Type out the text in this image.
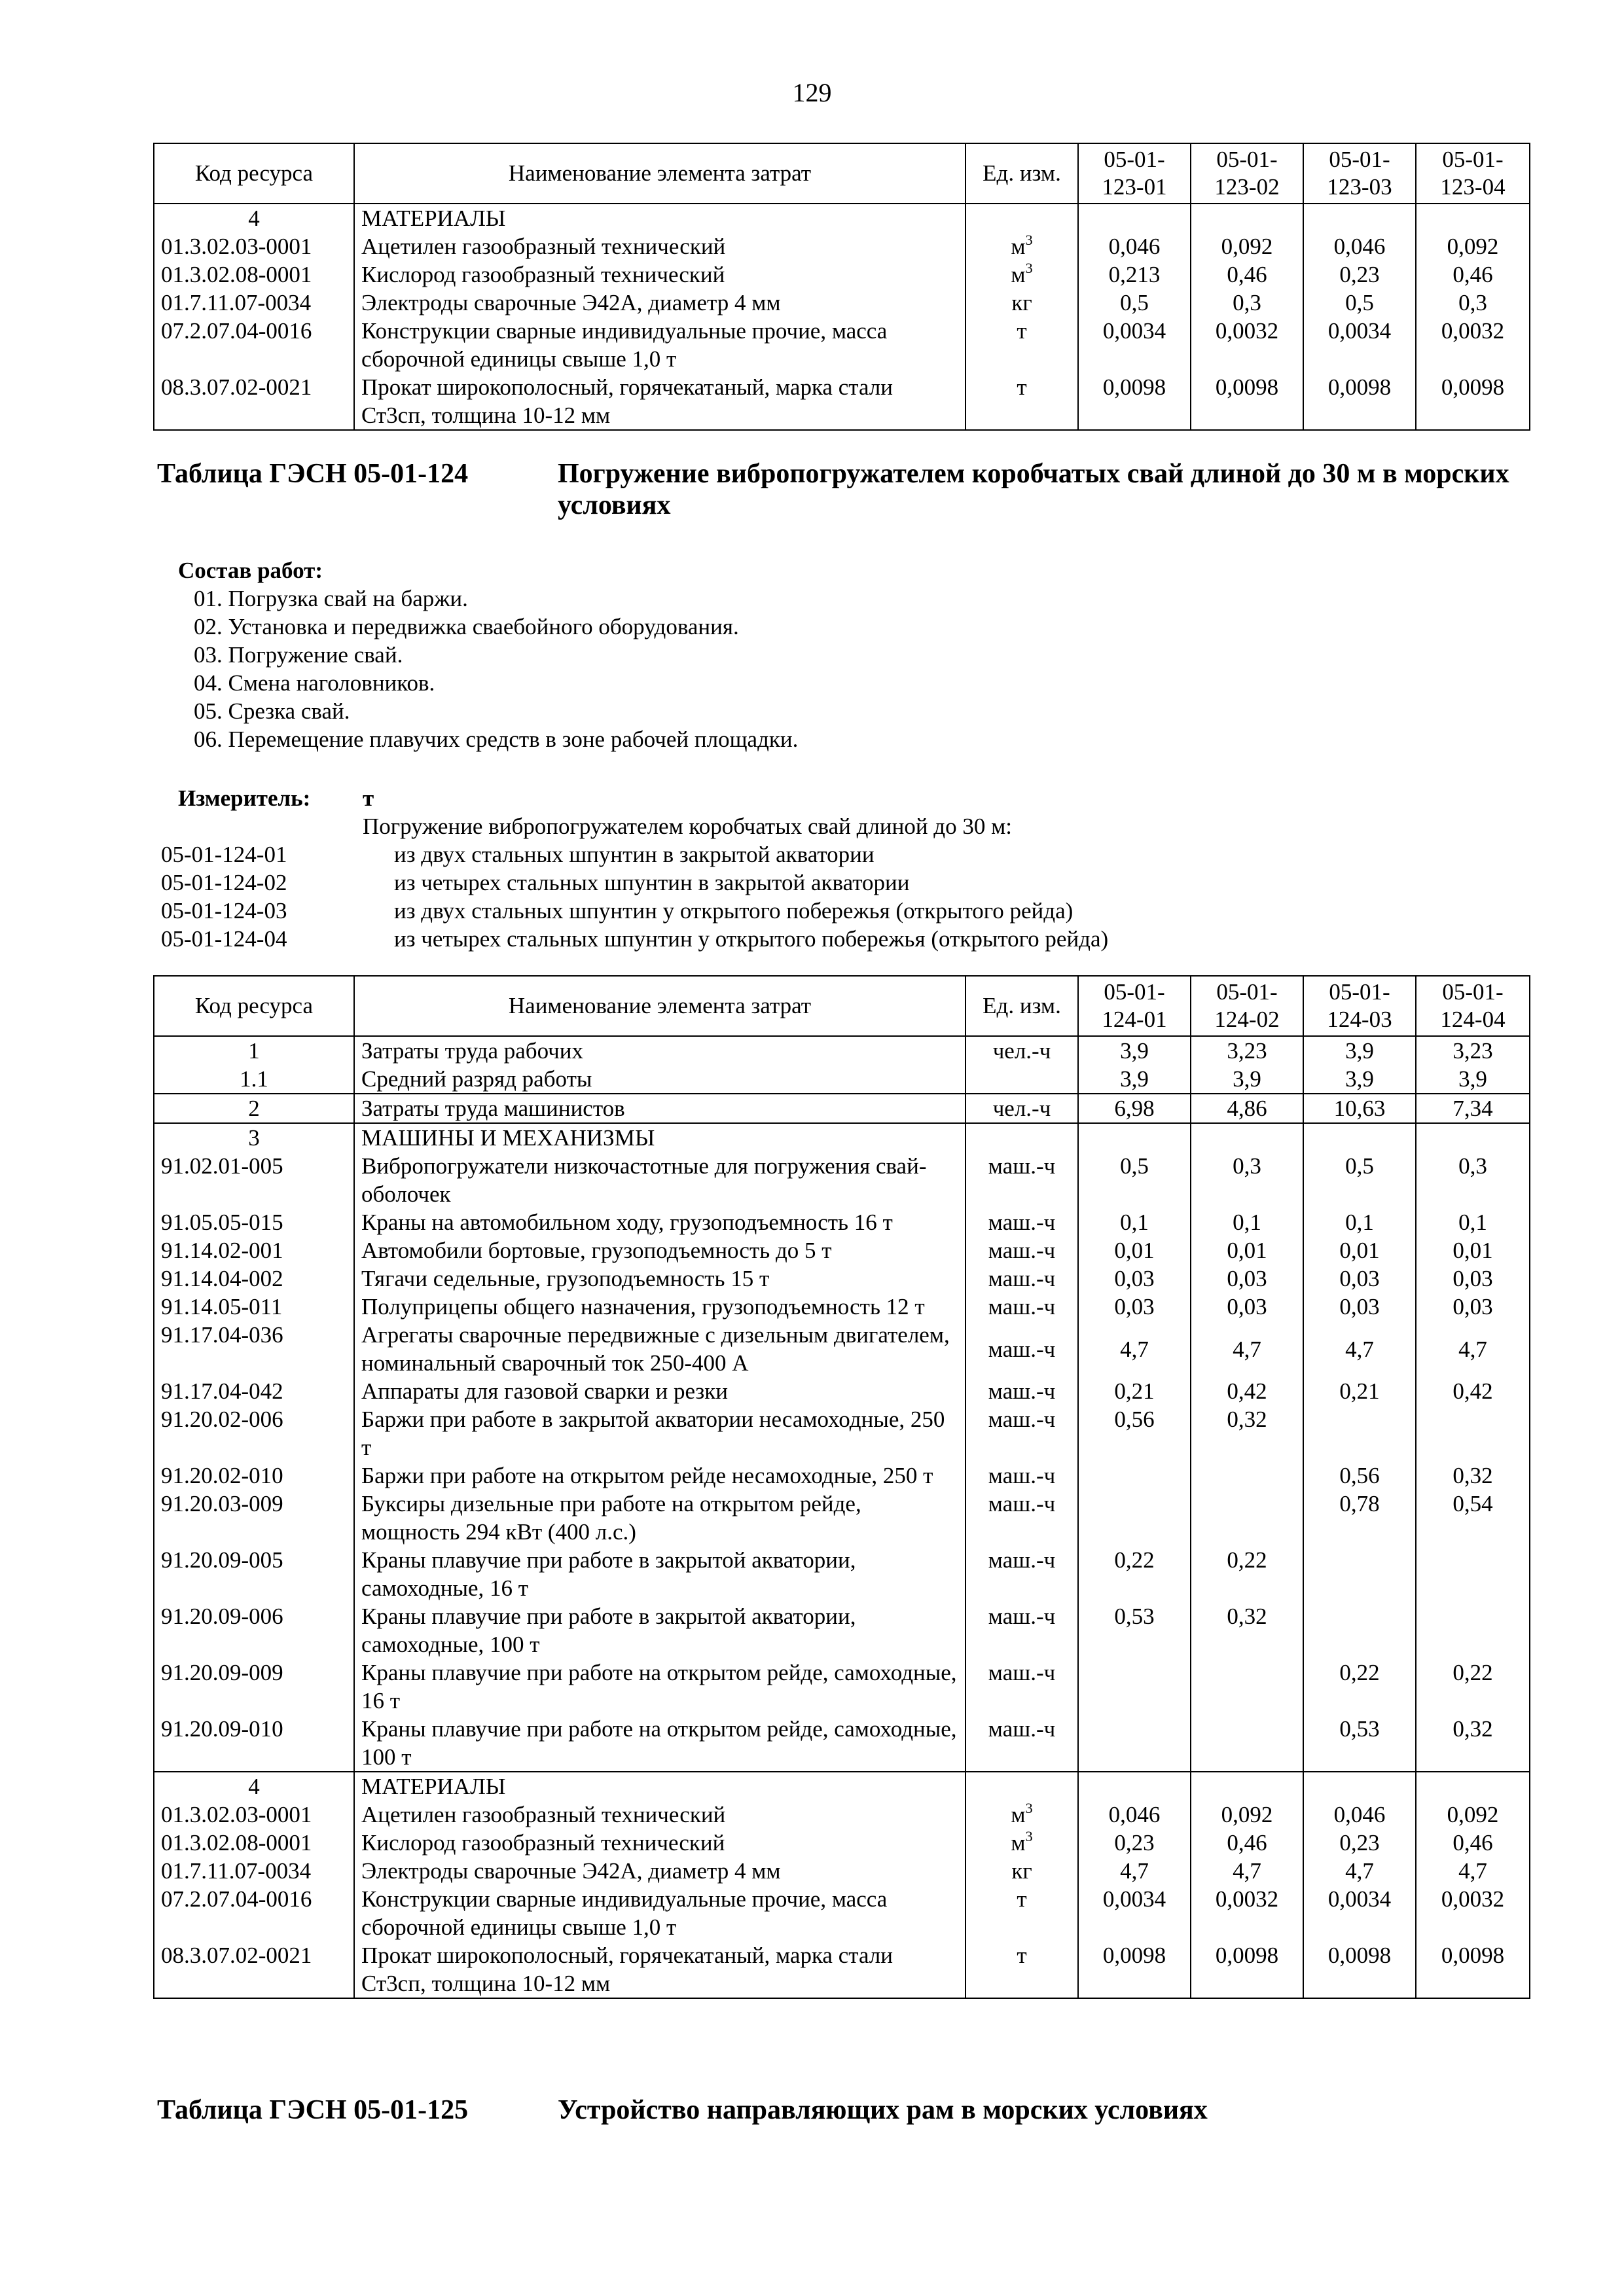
129
Код ресурса	Наименование элемента затрат	Ед. изм.	05-01-123-01	05-01-123-02	05-01-123-03	05-01-123-04
4	МАТЕРИАЛЫ					
01.3.02.03-0001	Ацетилен газообразный технический	$м^3$	0,046	0,092	0,046	0,092
01.3.02.08-0001	Кислород газообразный технический	$м^3$	0,213	0,46	0,23	0,46
01.7.11.07-0034	Электроды сварочные Э42А, диаметр 4 мм	кг	0,5	0,3	0,5	0,3
07.2.07.04-0016	Конструкции сварные индивидуальные прочие, масса сборочной единицы свыше 1,0 т	т	0,0034	0,0032	0,0034	0,0032
08.3.07.02-0021	Прокат широкополосный, горячекатаный, марка стали Ст3сп, толщина 10-12 мм	т	0,0098	0,0098	0,0098	0,0098
Таблица ГЭСН 05-01-124	Погружение вибропогружателем коробчатых свай длиной до 30 м в морских условиях
Состав работ:
01. Погрузка свай на баржи.
02. Установка и передвижка сваебойного оборудования.
03. Погружение свай.
04. Смена наголовников.
05. Срезка свай.
06. Перемещение плавучих средств в зоне рабочей площадки.
Измеритель: т
Погружение вибропогружателем коробчатых свай длиной до 30 м:
05-01-124-01	из двух стальных шпунтин в закрытой акватории
05-01-124-02	из четырех стальных шпунтин в закрытой акватории
05-01-124-03	из двух стальных шпунтин у открытого побережья (открытого рейда)
05-01-124-04	из четырех стальных шпунтин у открытого побережья (открытого рейда)
Код ресурса	Наименование элемента затрат	Ед. изм.	05-01-124-01	05-01-124-02	05-01-124-03	05-01-124-04
1	Затраты труда рабочих	чел.-ч	3,9	3,23	3,9	3,23
1.1	Средний разряд работы		3,9	3,9	3,9	3,9
2	Затраты труда машинистов	чел.-ч	6,98	4,86	10,63	7,34
3	МАШИНЫ И МЕХАНИЗМЫ					
91.02.01-005	Вибропогружатели низкочастотные для погружения свай-оболочек	маш.-ч	0,5	0,3	0,5	0,3
91.05.05-015	Краны на автомобильном ходу, грузоподъемность 16 т	маш.-ч	0,1	0,1	0,1	0,1
91.14.02-001	Автомобили бортовые, грузоподъемность до 5 т	маш.-ч	0,01	0,01	0,01	0,01
91.14.04-002	Тягачи седельные, грузоподъемность 15 т	маш.-ч	0,03	0,03	0,03	0,03
91.14.05-011	Полуприцепы общего назначения, грузоподъемность 12 т	маш.-ч	0,03	0,03	0,03	0,03
91.17.04-036	Агрегаты сварочные передвижные с дизельным двигателем, номинальный сварочный ток 250-400 А	маш.-ч	4,7	4,7	4,7	4,7
91.17.04-042	Аппараты для газовой сварки и резки	маш.-ч	0,21	0,42	0,21	0,42
91.20.02-006	Баржи при работе в закрытой акватории несамоходные, 250 т	маш.-ч	0,56	0,32		
91.20.02-010	Баржи при работе на открытом рейде несамоходные, 250 т	маш.-ч			0,56	0,32
91.20.03-009	Буксиры дизельные при работе на открытом рейде, мощность 294 кВт (400 л.с.)	маш.-ч			0,78	0,54
91.20.09-005	Краны плавучие при работе в закрытой акватории, самоходные, 16 т	маш.-ч	0,22	0,22		
91.20.09-006	Краны плавучие при работе в закрытой акватории, самоходные, 100 т	маш.-ч	0,53	0,32		
91.20.09-009	Краны плавучие при работе на открытом рейде, самоходные, 16 т	маш.-ч			0,22	0,22
91.20.09-010	Краны плавучие при работе на открытом рейде, самоходные, 100 т	маш.-ч			0,53	0,32
4	МАТЕРИАЛЫ					
01.3.02.03-0001	Ацетилен газообразный технический	$м^3$	0,046	0,092	0,046	0,092
01.3.02.08-0001	Кислород газообразный технический	$м^3$	0,23	0,46	0,23	0,46
01.7.11.07-0034	Электроды сварочные Э42А, диаметр 4 мм	кг	4,7	4,7	4,7	4,7
07.2.07.04-0016	Конструкции сварные индивидуальные прочие, масса сборочной единицы свыше 1,0 т	т	0,0034	0,0032	0,0034	0,0032
08.3.07.02-0021	Прокат широкополосный, горячекатаный, марка стали Ст3сп, толщина 10-12 мм	т	0,0098	0,0098	0,0098	0,0098
Таблица ГЭСН 05-01-125	Устройство направляющих рам в морских условиях
